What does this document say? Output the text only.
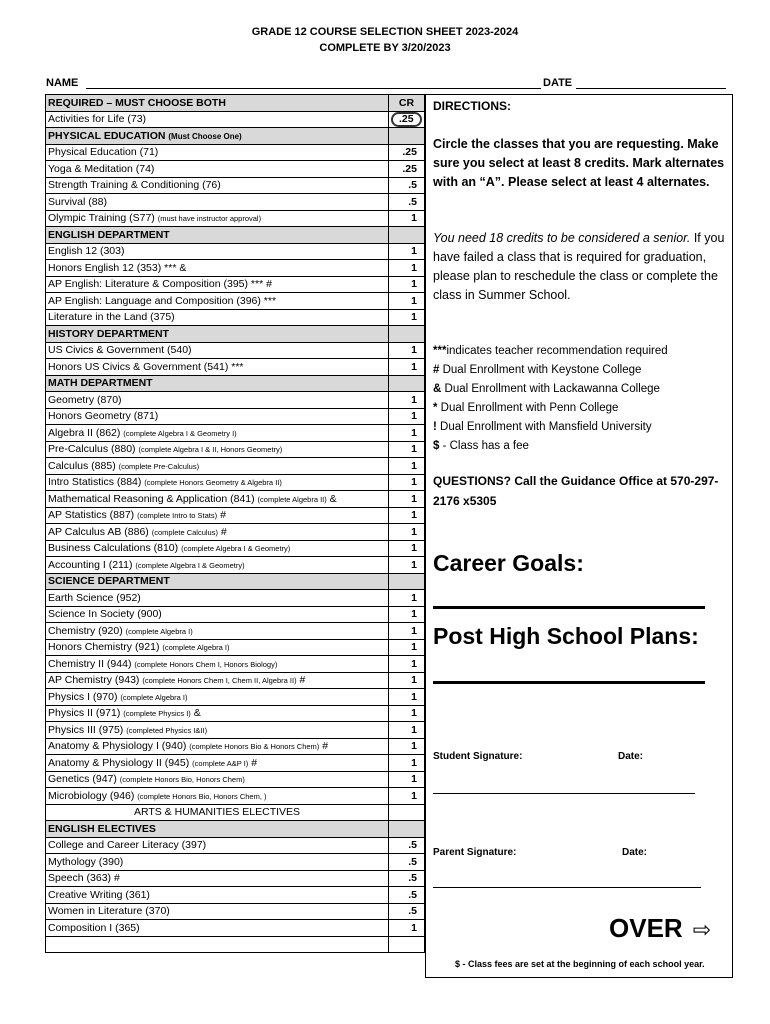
GRADE 12 COURSE SELECTION SHEET 2023-2024
COMPLETE BY 3/20/2023
NAME	DATE
REQUIRED – MUST CHOOSE BOTH	CR
Activities for Life (73)	.25
PHYSICAL EDUCATION (Must Choose One)	
Physical Education (71)	.25
Yoga & Meditation (74)	.25
Strength Training & Conditioning (76)	.5
Survival (88)	.5
Olympic Training (S77) (must have instructor approval)	1
ENGLISH DEPARTMENT	
English 12 (303)	1
Honors English 12 (353) *** &	1
AP English: Literature & Composition (395) *** #	1
AP English: Language and Composition (396) ***	1
Literature in the Land (375)	1
HISTORY DEPARTMENT	
US Civics & Government (540)	1
Honors US Civics & Government (541) ***	1
MATH DEPARTMENT	
Geometry (870)	1
Honors Geometry (871)	1
Algebra II (862) (complete Algebra I & Geometry I)	1
Pre-Calculus (880) (complete Algebra I & II, Honors Geometry)	1
Calculus (885) (complete Pre-Calculus)	1
Intro Statistics (884) (complete Honors Geometry & Algebra II)	1
Mathematical Reasoning & Application (841) (complete Algebra II) &	1
AP Statistics (887) (complete Intro to Stats) #	1
AP Calculus AB (886) (complete Calculus) #	1
Business Calculations (810) (complete Algebra I & Geometry)	1
Accounting I (211) (complete Algebra I & Geometry)	1
SCIENCE DEPARTMENT	
Earth Science (952)	1
Science In Society (900)	1
Chemistry (920) (complete Algebra I)	1
Honors Chemistry (921) (complete Algebra I)	1
Chemistry II (944) (complete Honors Chem I, Honors Biology)	1
AP Chemistry (943) (complete Honors Chem I, Chem II, Algebra II) #	1
Physics I (970) (complete Algebra I)	1
Physics II (971) (complete Physics I) &	1
Physics III (975) (completed Physics I&II)	1
Anatomy & Physiology I (940) (complete Honors Bio & Honors Chem) #	1
Anatomy & Physiology II (945) (complete A&P I) #	1
Genetics (947) (complete Honors Bio, Honors Chem)	1
Microbiology (946) (complete Honors Bio, Honors Chem, )	1
ARTS & HUMANITIES ELECTIVES	
ENGLISH ELECTIVES	
College and Career Literacy (397)	.5
Mythology (390)	.5
Speech (363) #	.5
Creative Writing (361)	.5
Women in Literature (370)	.5
Composition I (365)	1

DIRECTIONS:
Circle the classes that you are requesting. Make sure you select at least 8 credits. Mark alternates with an “A”. Please select at least 4 alternates.
You need 18 credits to be considered a senior. If you have failed a class that is required for graduation, please plan to reschedule the class or complete the class in Summer School.
***indicates teacher recommendation required
# Dual Enrollment with Keystone College
& Dual Enrollment with Lackawanna College
* Dual Enrollment with Penn College
! Dual Enrollment with Mansfield University
$ - Class has a fee
QUESTIONS? Call the Guidance Office at 570-297-2176 x5305
Career Goals:
Post High School Plans:
Student Signature:	Date:
Parent Signature:	Date:
OVER ⇨
$ - Class fees are set at the beginning of each school year.
